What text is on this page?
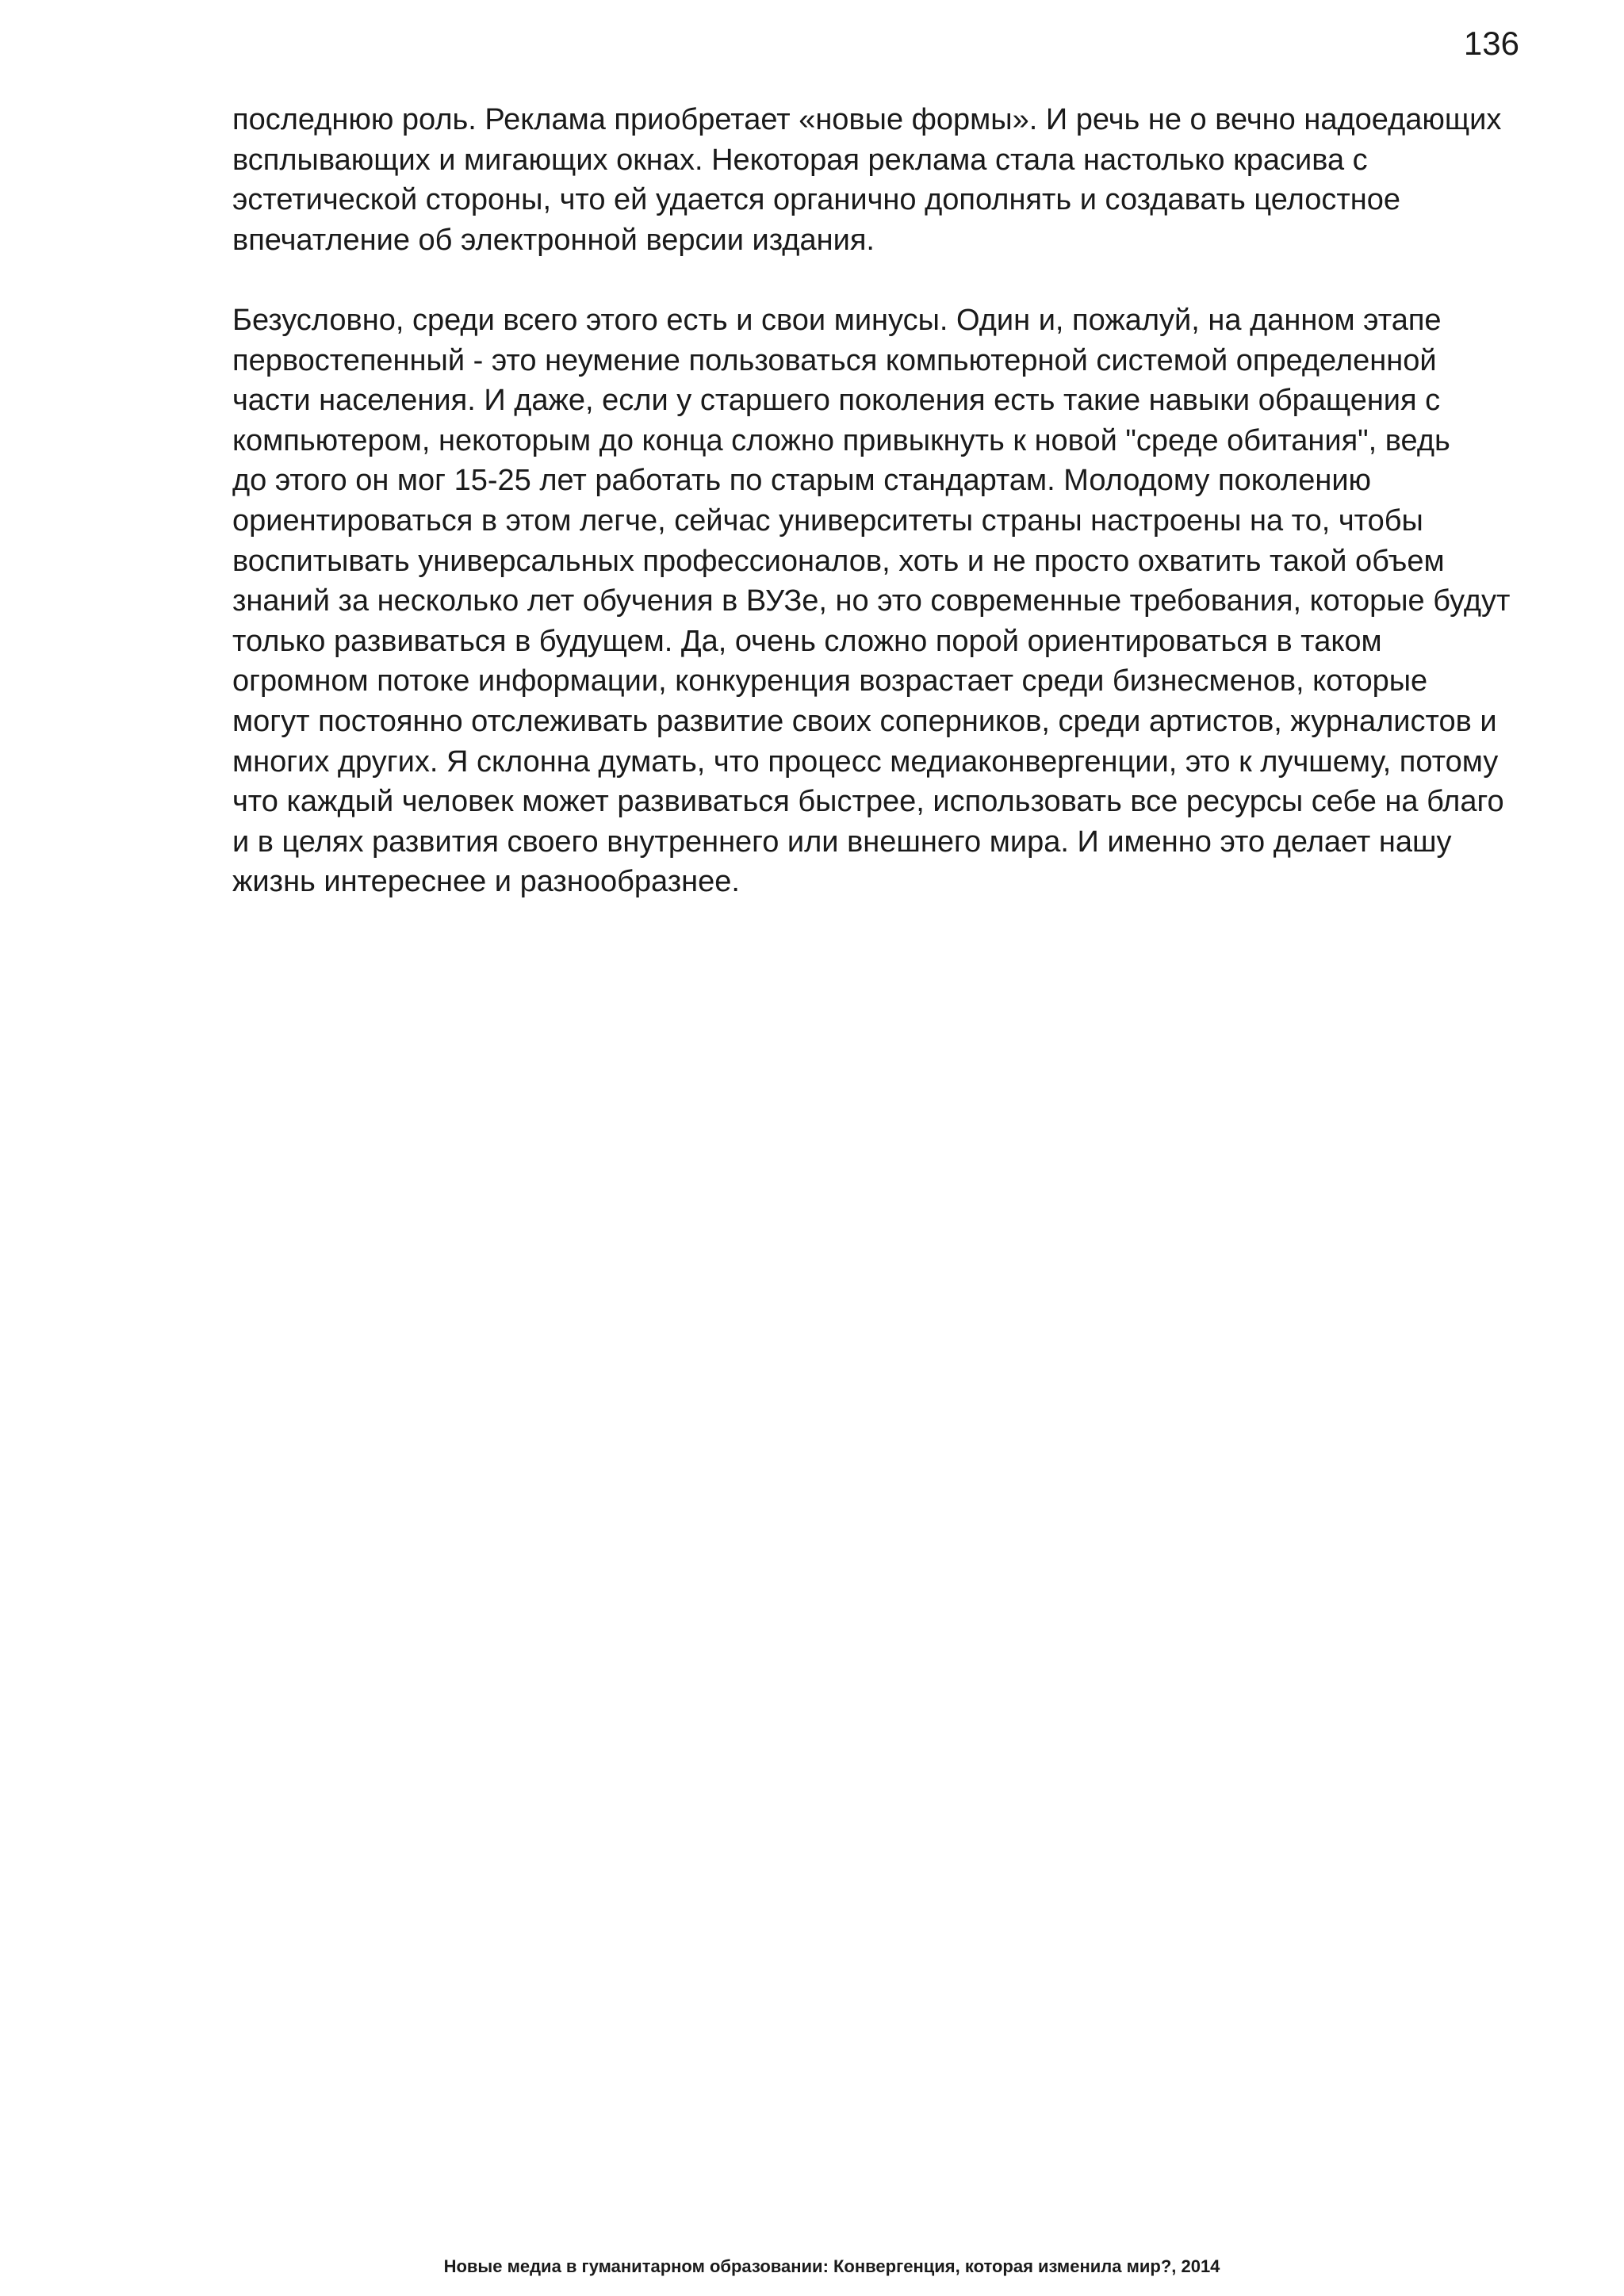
136
последнюю роль. Реклама приобретает «новые формы». И речь не о вечно надоедающих
всплывающих и мигающих окнах. Некоторая реклама стала настолько красива с
эстетической стороны, что ей удается органично дополнять и создавать целостное
впечатление об электронной версии издания.
Безусловно, среди всего этого есть и свои минусы. Один и, пожалуй, на данном этапе
первостепенный - это неумение пользоваться компьютерной системой определенной
части населения. И даже, если у старшего поколения есть такие навыки обращения с
компьютером, некоторым до конца сложно привыкнуть к новой "среде обитания", ведь
до этого он мог 15-25 лет работать по старым стандартам. Молодому поколению
ориентироваться в этом легче, сейчас университеты страны настроены на то, чтобы
воспитывать универсальных профессионалов, хоть и не просто охватить такой объем
знаний за несколько лет обучения в ВУЗе, но это современные требования, которые будут
только развиваться в будущем. Да, очень сложно порой ориентироваться в таком
огромном потоке информации, конкуренция возрастает среди бизнесменов, которые
могут постоянно отслеживать развитие своих соперников, среди артистов, журналистов и
многих других. Я склонна думать, что процесс медиаконвергенции, это к лучшему, потому
что каждый человек может развиваться быстрее, использовать все ресурсы себе на благо
и в целях развития своего внутреннего или внешнего мира. И именно это делает нашу
жизнь интереснее и разнообразнее.
Новые медиа в гуманитарном образовании: Конвергенция, которая изменила мир?, 2014
